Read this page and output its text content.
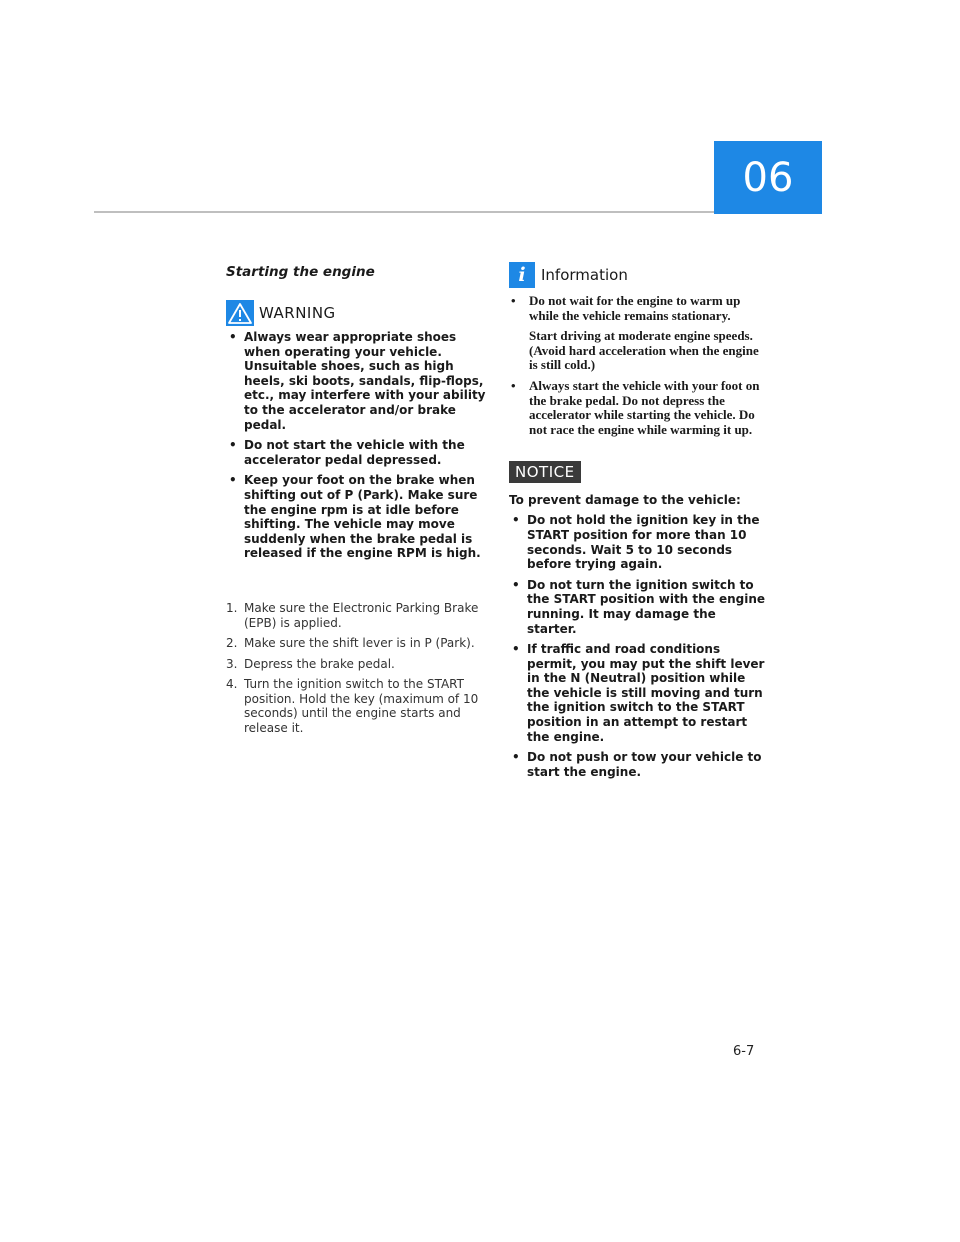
06
Starting the engine
WARNING
• Always wear appropriate shoes when operating your vehicle. Unsuitable shoes, such as high heels, ski boots, sandals, flip-flops, etc., may interfere with your ability to the accelerator and/or brake pedal.
• Do not start the vehicle with the accelerator pedal depressed.
• Keep your foot on the brake when shifting out of P (Park). Make sure the engine rpm is at idle before shifting. The vehicle may move suddenly when the brake pedal is released if the engine RPM is high.
1. Make sure the Electronic Parking Brake (EPB) is applied.
2. Make sure the shift lever is in P (Park).
3. Depress the brake pedal.
4. Turn the ignition switch to the START position. Hold the key (maximum of 10 seconds) until the engine starts and release it.
i	Information

• Do not wait for the engine to warm up while the vehicle remains stationary.

Start driving at moderate engine speeds. (Avoid hard acceleration when the engine is still cold.)

• Always start the vehicle with your foot on the brake pedal. Do not depress the accelerator while starting the vehicle. Do not race the engine while warming it up.

NOTICE
To prevent damage to the vehicle:
• Do not hold the ignition key in the START position for more than 10 seconds. Wait 5 to 10 seconds before trying again.
• Do not turn the ignition switch to the START position with the engine running. It may damage the starter.
• If traffic and road conditions permit, you may put the shift lever in the N (Neutral) position while the vehicle is still moving and turn the ignition switch to the START position in an attempt to restart the engine.
• Do not push or tow your vehicle to start the engine.
6-7
